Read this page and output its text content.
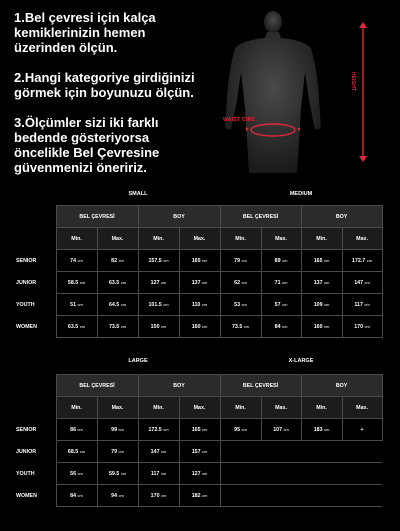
1.Bel çevresi için kalça
kemiklerinizin hemen
üzerinden ölçün.
2.Hangi kategoriye girdiğinizi
görmek için boyunuzu ölçün.
3.Ölçümler sizi iki farklı
bedende gösteriyorsa
öncelikle Bel Çevresine
güvenmenizi öneririz.
WAIST CIRC.
HEIGHT
SMALL	MEDIUM
	BEL ÇEVRESİ		BOY		BEL ÇEVRESİ		BOY	
	Min.	Max.	Min.	Max.	Min.	Max.	Min.	Max.
SENIOR	74 cm	82 cm	157.5 cm	165 cm	79 cm	89 cm	165 cm	172.7 cm
JUNIOR	58.5 cm	63.5 cm	127 cm	137 cm	62 cm	71 cm	137 cm	147 cm
YOUTH	51 cm	64.5 cm	101.5 cm	110 cm	53 cm	57 cm	109 cm	117 cm
WOMEN	63.5 cm	73.5 cm	150 cm	160 cm	73.5 cm	84 cm	160 cm	170 cm
LARGE	X-LARGE
	BEL ÇEVRESİ		BOY		BEL ÇEVRESİ		BOY	
	Min.	Max.	Min.	Max.	Min.	Max.	Min.	Max.
SENIOR	86 cm	99 cm	172.5 cm	165 cm	95 cm	107 cm	183 cm	+
JUNIOR	68.5 cm	79 cm	147 cm	157 cm				
YOUTH	56 cm	59.5 cm	117 cm	127 cm				
WOMEN	84 cm	94 cm	170 cm	182 cm				
